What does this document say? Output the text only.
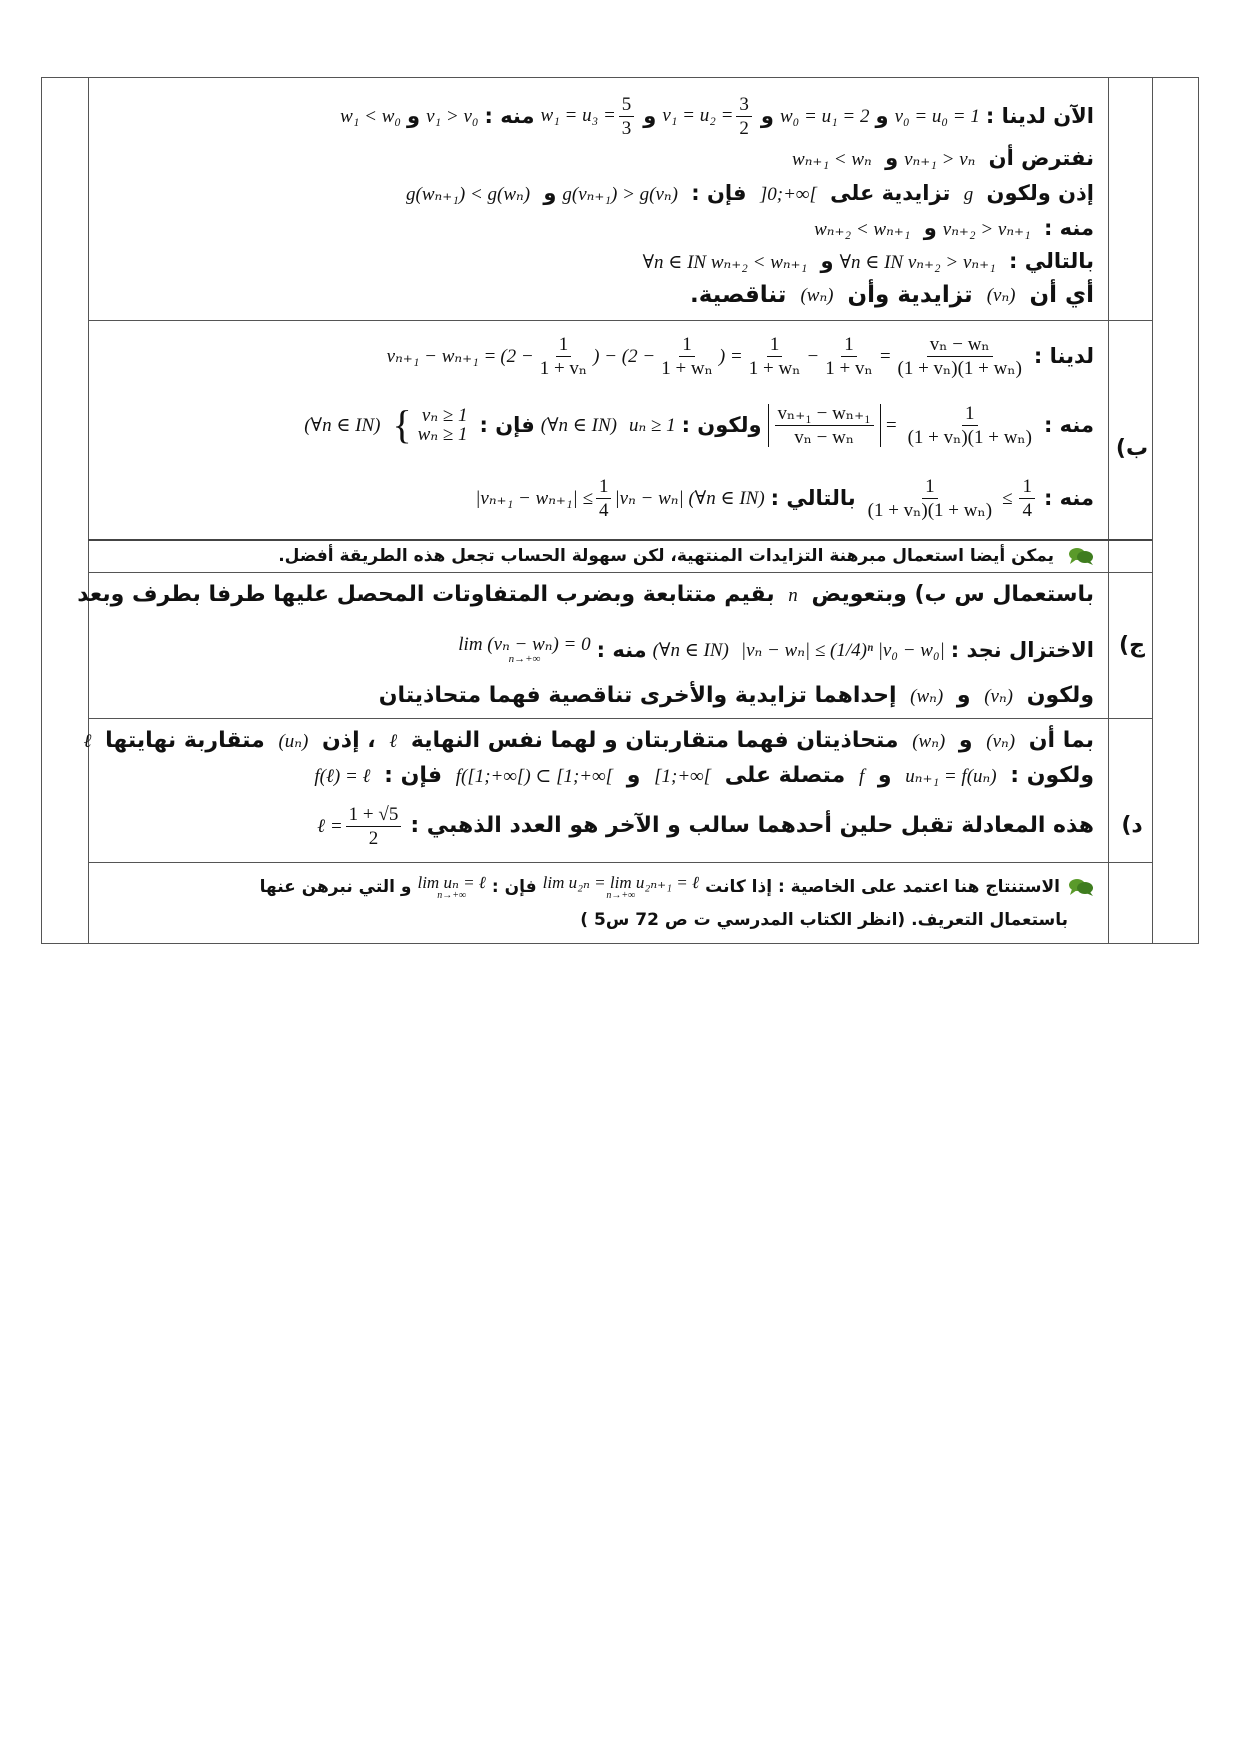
ب)
ج)
د)
الآن لدينا :
v₀ = u₀ = 1
و
w₀ = u₁ = 2
و
$v_1 = u_2 = \frac{3}{2}$
و
$w_1 = u_3 = \frac{5}{3}$
منه :
v₁ > v₀
و
w₁ < w₀
نفترض أن vₙ₊₁ > vₙو wₙ₊₁ < wₙ
إذن ولكون g تزايدية على ]0;+∞[ فإن : g(vₙ₊₁) > g(vₙ)و g(wₙ₊₁) < g(wₙ)
منه : vₙ₊₂ > vₙ₊₁و wₙ₊₂ < wₙ₊₁
بالتالي : ∀n ∈ IN vₙ₊₂ > vₙ₊₁و ∀n ∈ IN wₙ₊₂ < wₙ₊₁
أي أن (vₙ) تزايدية وأن (wₙ) تناقصية.
لدينا :
$v_{n+1} - w_{n+1} = (2 - \frac{1}{\text{1 + vₙ}}$ ) − ($2 - \frac{1}{\text{1 + wₙ}}$ ) = $\frac{1}{\text{1 + wₙ}} - \frac{1}{\text{1 + vₙ}} = \frac{\text{vₙ − wₙ}}{\text{(1 + vₙ)(1 + wₙ)}}$
منه :
$\frac{\text{vₙ₊₁ − wₙ₊₁}}{\text{vₙ − wₙ}} = \frac{1}{\text{(1 + vₙ)(1 + wₙ)}}$
ولكون :
uₙ ≥ 1
(∀n ∈ IN)
فإن :
{ vₙ ≥ 1
wₙ ≥ 1
(∀n ∈ IN)
منه :
$\frac{1}{\text{(1 + vₙ)(1 + wₙ)}} \le \frac{1}{4}$
بالتالي :
$|v_{n+1} - w_{n+1}| \le \frac{1}{4} |v_n - w_n|$ (∀n ∈ IN)
يمكن أيضا استعمال مبرهنة التزايدات المنتهية، لكن سهولة الحساب تجعل هذه الطريقة أفضل.
باستعمال س ب) وبتعويض n بقيم متتابعة وبضرب المتفاوتات المحصل عليها طرفا بطرف وبعد
الاختزال نجد :
|vₙ − wₙ| ≤ (1/4)ⁿ |v₀ − w₀|
(∀n ∈ IN)
منه :
lim (vₙ − wₙ) = 0
n→+∞
ولكون (vₙ) و (wₙ) إحداهما تزايدية والأخرى تناقصية فهما متحاذيتان
بما أن (vₙ) و (wₙ) متحاذيتان فهما متقاربتان و لهما نفس النهاية ℓ ، إذن (uₙ) متقاربة نهايتها ℓ
ولكون : uₙ₊₁ = f(uₙ) و f متصلة على [1;+∞[ و f([1;+∞[) ⊂ [1;+∞[ فإن : f(ℓ) = ℓ
هذه المعادلة تقبل حلين أحدهما سالب و الآخر هو العدد الذهبي :
ℓ = $\frac{1 + √5}{2}$
الاستنتاج هنا اعتمد على الخاصية : إذا كانت
lim u₂ₙ = lim u₂ₙ₊₁ = ℓ
n→+∞
فإن :
lim uₙ = ℓ
n→+∞
و التي نبرهن عنها
باستعمال التعريف. (انظر الكتاب المدرسي ت ص 72 س5 )
